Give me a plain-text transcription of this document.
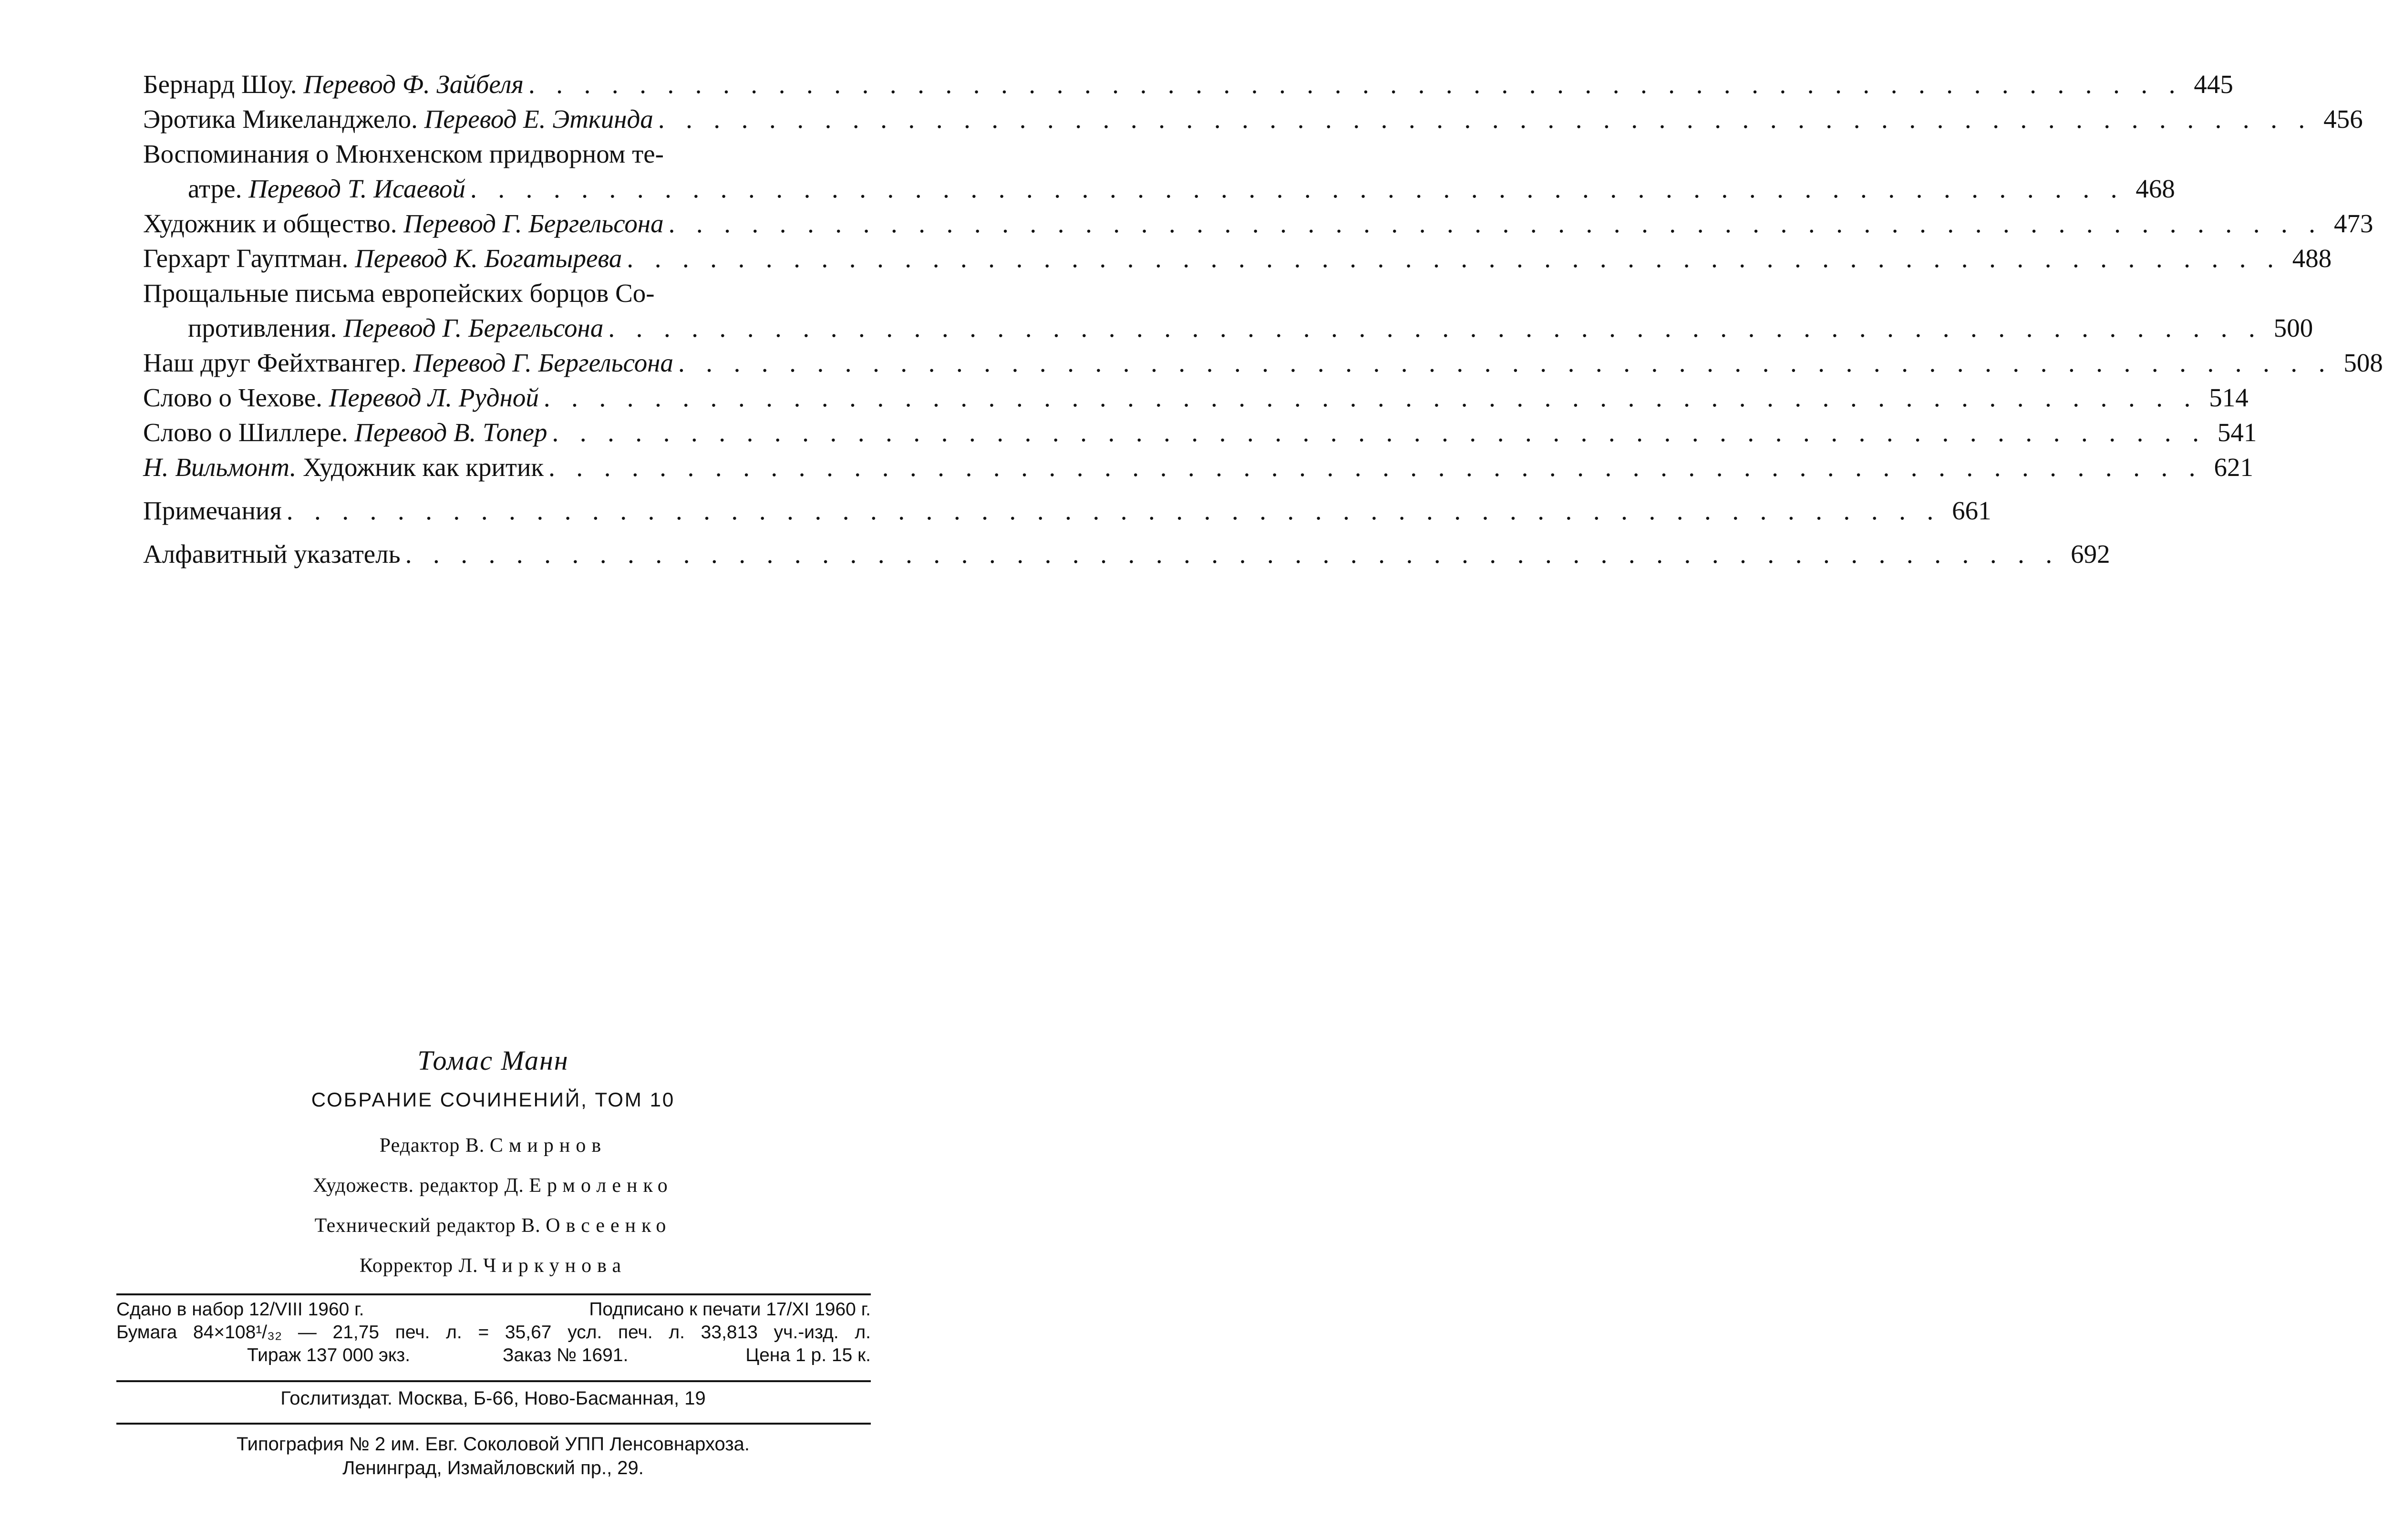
Бернард Шоу. Перевод Ф. Зайбеля . . . . . . . . . . . . . . . . . . . . . . . . . . . . . . . . . . . . . . . . . . . . . . . . . . . . . . . . . . . . 445
Эротика Микеланджело. Перевод Е. Эткинда . . . . . . . . . . . . . . . . . . . . . . . . . . . . . . . . . . . . . . . . . . . . . . . . . . . . . . . . . . . . 456
Воспоминания о Мюнхенском придворном те-
атре. Перевод Т. Исаевой . . . . . . . . . . . . . . . . . . . . . . . . . . . . . . . . . . . . . . . . . . . . . . . . . . . . . . . . . . . . 468
Художник и общество. Перевод Г. Бергельсона . . . . . . . . . . . . . . . . . . . . . . . . . . . . . . . . . . . . . . . . . . . . . . . . . . . . . . . . . . . . 473
Герхарт Гауптман. Перевод К. Богатырева . . . . . . . . . . . . . . . . . . . . . . . . . . . . . . . . . . . . . . . . . . . . . . . . . . . . . . . . . . . . 488
Прощальные письма европейских борцов Со-
противления. Перевод Г. Бергельсона . . . . . . . . . . . . . . . . . . . . . . . . . . . . . . . . . . . . . . . . . . . . . . . . . . . . . . . . . . . . 500
Наш друг Фейхтвангер. Перевод Г. Бергельсона . . . . . . . . . . . . . . . . . . . . . . . . . . . . . . . . . . . . . . . . . . . . . . . . . . . . . . . . . . . . 508
Слово о Чехове. Перевод Л. Рудной . . . . . . . . . . . . . . . . . . . . . . . . . . . . . . . . . . . . . . . . . . . . . . . . . . . . . . . . . . . . 514
Слово о Шиллере. Перевод В. Топер . . . . . . . . . . . . . . . . . . . . . . . . . . . . . . . . . . . . . . . . . . . . . . . . . . . . . . . . . . . . 541
Н. Вильмонт. Художник как критик . . . . . . . . . . . . . . . . . . . . . . . . . . . . . . . . . . . . . . . . . . . . . . . . . . . . . . . . . . . . 621
Примечания . . . . . . . . . . . . . . . . . . . . . . . . . . . . . . . . . . . . . . . . . . . . . . . . . . . . . . . . . . . . 661
Алфавитный указатель . . . . . . . . . . . . . . . . . . . . . . . . . . . . . . . . . . . . . . . . . . . . . . . . . . . . . . . . . . . . 692
Томас Манн
СОБРАНИЕ СОЧИНЕНИЙ, ТОМ 10
Редактор В. Смирнов
Художеств. редактор Д. Ермоленко
Технический редактор В. Овсеенко
Корректор Л. Чиркунова
Сдано в набор 12/VIII 1960 г.	Подписано к печати 17/XI 1960 г.
Бумага 84×108¹/₃₂ — 21,75 печ. л. = 35,67 усл. печ. л. 33,813 уч.-изд. л.
Тираж 137 000 экз.	Заказ № 1691.	Цена 1 р. 15 к.
Гослитиздат. Москва, Б-66, Ново-Басманная, 19
Типография № 2 им. Евг. Соколовой УПП Ленсовнархоза.
Ленинград, Измайловский пр., 29.
